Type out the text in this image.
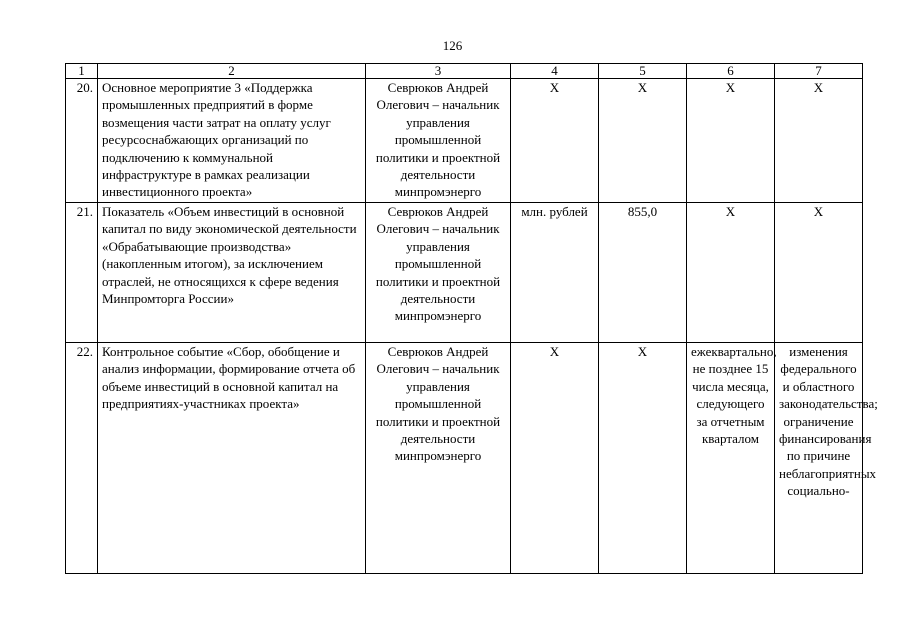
126
1	2	3	4	5	6	7
20.	Основное мероприятие 3 «Поддержка промышленных предприятий в форме возмещения части затрат на оплату услуг ресурсоснабжающих организаций по подключению к коммунальной инфраструктуре в рамках реализации инвестиционного проекта»	Севрюков Андрей Олегович – начальник управления промышленной политики и проектной деятельности минпромэнерго	Х	Х	Х	Х
21.	Показатель «Объем инвестиций в основной капитал по виду экономической деятельности «Обрабатывающие производства» (накопленным итогом), за исключением отраслей, не относящихся к сфере ведения Минпромторга России»	Севрюков Андрей Олегович – начальник управления промышленной политики и проектной деятельности минпромэнерго	млн. рублей	855,0	Х	Х
22.	Контрольное событие «Сбор, обобщение и анализ информации, формирование отчета об объеме инвестиций в основной капитал на предприятиях-участниках проекта»	Севрюков Андрей Олегович – начальник управления промышленной политики и проектной деятельности минпромэнерго	Х	Х	ежеквартально, не позднее 15 числа месяца, следующего за отчетным кварталом	изменения федерального и областного законодательства; ограничение финансирования по причине неблагоприятных социально-
